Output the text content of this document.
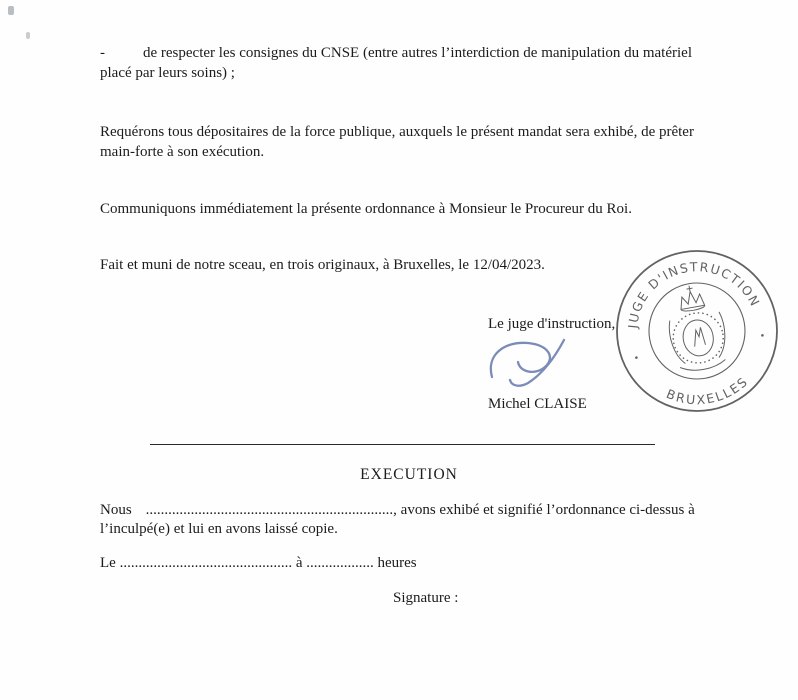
-	de respecter les consignes du CNSE (entre autres l’interdiction de manipulation du matériel placé par leurs soins) ;

Requérons tous dépositaires de la force publique, auxquels le présent mandat sera exhibé, de prêter main-forte à son exécution.

Communiquons immédiatement la présente ordonnance à Monsieur le Procureur du Roi.

Fait et muni de notre sceau, en trois originaux, à Bruxelles, le 12/04/2023.

Le juge d'instruction,

Michel CLAISE

EXECUTION

Nous .................................................................., avons exhibé et signifié l’ordonnance ci-dessus à l’inculpé(e) et lui en avons laissé copie.

Le .............................................. à .................. heures

Signature :

JUGE D'INSTRUCTION
BRUXELLES
•
•
